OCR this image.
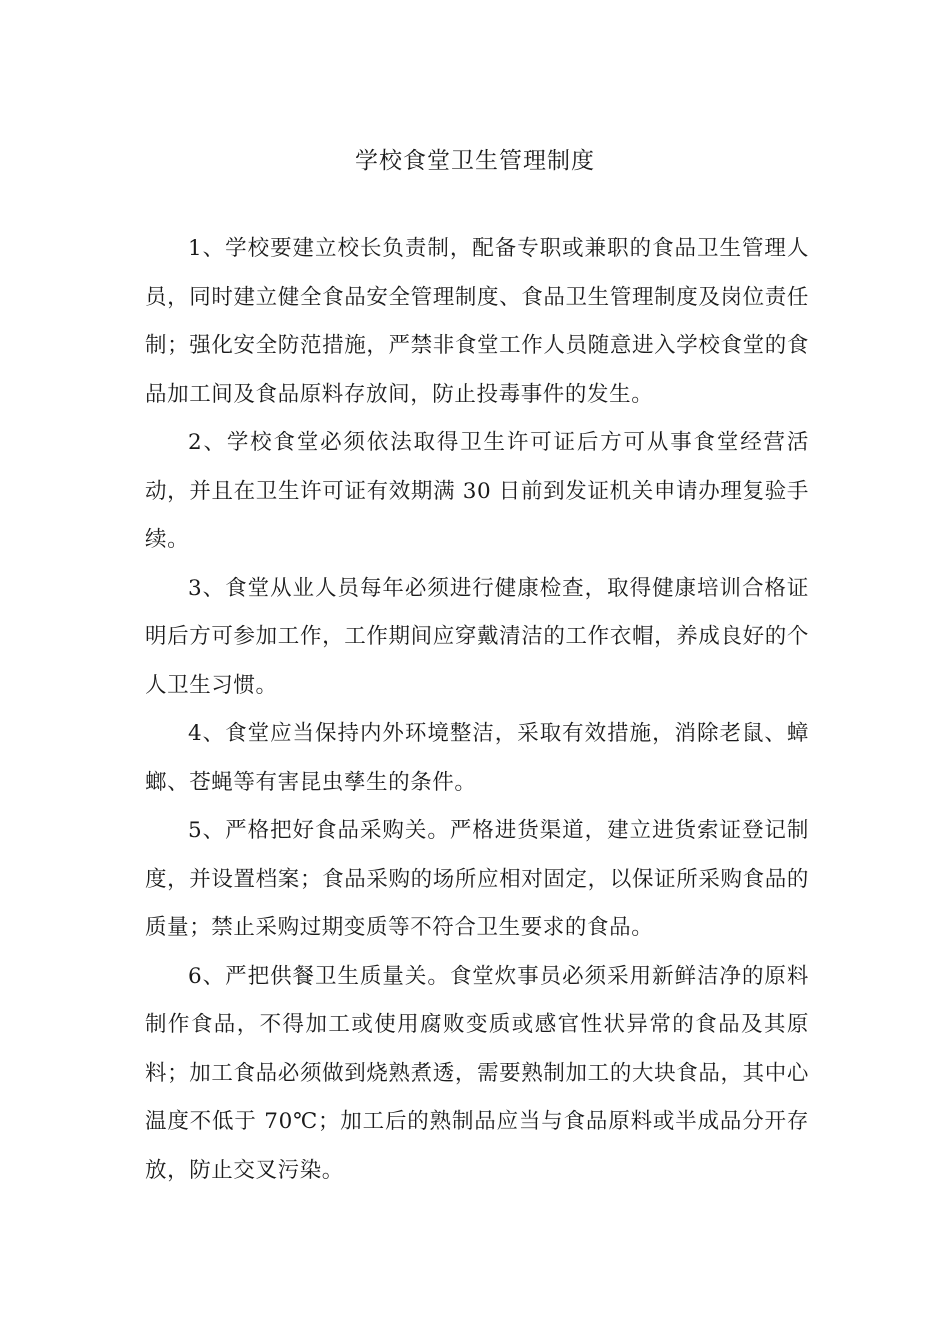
学校食堂卫生管理制度

1、学校要建立校长负责制，配备专职或兼职的食品卫生管理人员，同时建立健全食品安全管理制度、食品卫生管理制度及岗位责任制；强化安全防范措施，严禁非食堂工作人员随意进入学校食堂的食品加工间及食品原料存放间，防止投毒事件的发生。

2、学校食堂必须依法取得卫生许可证后方可从事食堂经营活动，并且在卫生许可证有效期满 30 日前到发证机关申请办理复验手续。

3、食堂从业人员每年必须进行健康检查，取得健康培训合格证明后方可参加工作，工作期间应穿戴清洁的工作衣帽，养成良好的个人卫生习惯。

4、食堂应当保持内外环境整洁，采取有效措施，消除老鼠、蟑螂、苍蝇等有害昆虫孳生的条件。

5、严格把好食品采购关。严格进货渠道，建立进货索证登记制度，并设置档案；食品采购的场所应相对固定，以保证所采购食品的质量；禁止采购过期变质等不符合卫生要求的食品。

6、严把供餐卫生质量关。食堂炊事员必须采用新鲜洁净的原料制作食品，不得加工或使用腐败变质或感官性状异常的食品及其原料；加工食品必须做到烧熟煮透，需要熟制加工的大块食品，其中心温度不低于 70℃；加工后的熟制品应当与食品原料或半成品分开存放，防止交叉污染。
